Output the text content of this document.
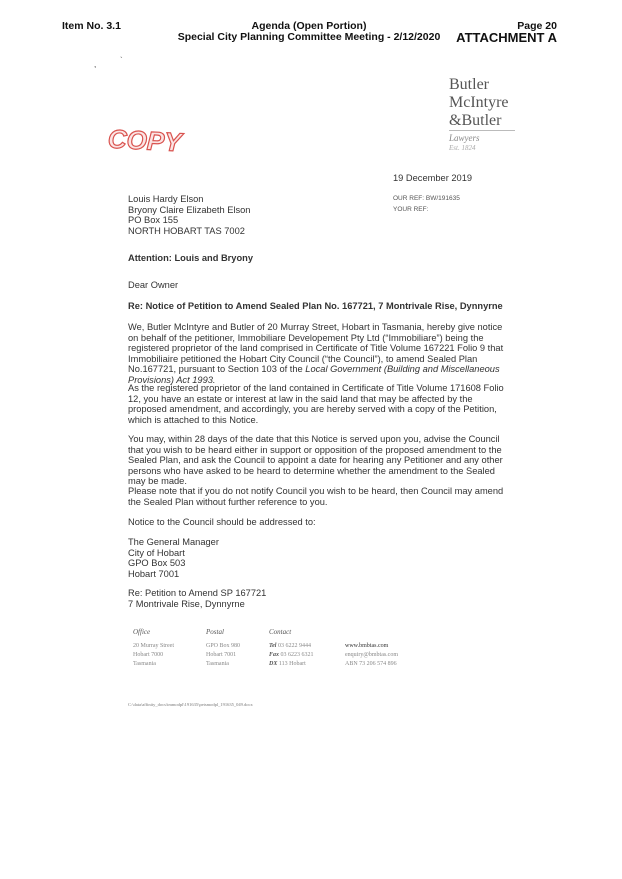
Item No. 3.1	Agenda (Open Portion)
Special City Planning Committee Meeting - 2/12/2020
Page 20
ATTACHMENT A
,	`
COPY
Butler
McIntyre
&Butler
Lawyers
Est. 1824
19 December 2019
OUR REF: BW/191635
YOUR REF:
Louis Hardy Elson
Bryony Claire Elizabeth Elson
PO Box 155
NORTH HOBART TAS 7002
Attention: Louis and Bryony
Dear Owner
Re: Notice of Petition to Amend Sealed Plan No. 167721, 7 Montrivale Rise, Dynnyrne
We, Butler McIntyre and Butler of 20 Murray Street, Hobart in Tasmania, hereby give notice on behalf of the petitioner, Immobiliare Developement Pty Ltd (“Immobiliare”) being the registered proprietor of the land comprised in Certificate of Title Volume 167221 Folio 9 that Immobiliaire petitioned the Hobart City Council (“the Council”), to amend Sealed Plan No.167721, pursuant to Section 103 of the Local Government (Building and Miscellaneous Provisions) Act 1993.
As the registered proprietor of the land contained in Certificate of Title Volume 171608 Folio 12, you have an estate or interest at law in the said land that may be affected by the proposed amendment, and accordingly, you are hereby served with a copy of the Petition, which is attached to this Notice.
You may, within 28 days of the date that this Notice is served upon you, advise the Council that you wish to be heard either in support or opposition of the proposed amendment to the Sealed Plan, and ask the Council to appoint a date for hearing any Petitioner and any other persons who have asked to be heard to determine whether the amendment to the Sealed may be made.
Please note that if you do not notify Council you wish to be heard, then Council may amend the Sealed Plan without further reference to you.
Notice to the Council should be addressed to:
The General Manager
City of Hobart
GPO Box 503
Hobart 7001
Re: Petition to Amend SP 167721
7 Montrivale Rise, Dynnyrne
Office
20 Murray Street
Hobart 7000
Tasmania
Postal
GPO Box 980
Hobart 7001
Tasmania
Contact
Tel 03 6222 9444
Fax 03 6223 6321
DX 113 Hobart
www.bmbtas.com
enquiry@bmbtas.com
ABN 73 206 574 896
C:\data\affinity_docs\immodpl\191635\petsmodpl_191635_049.docx
